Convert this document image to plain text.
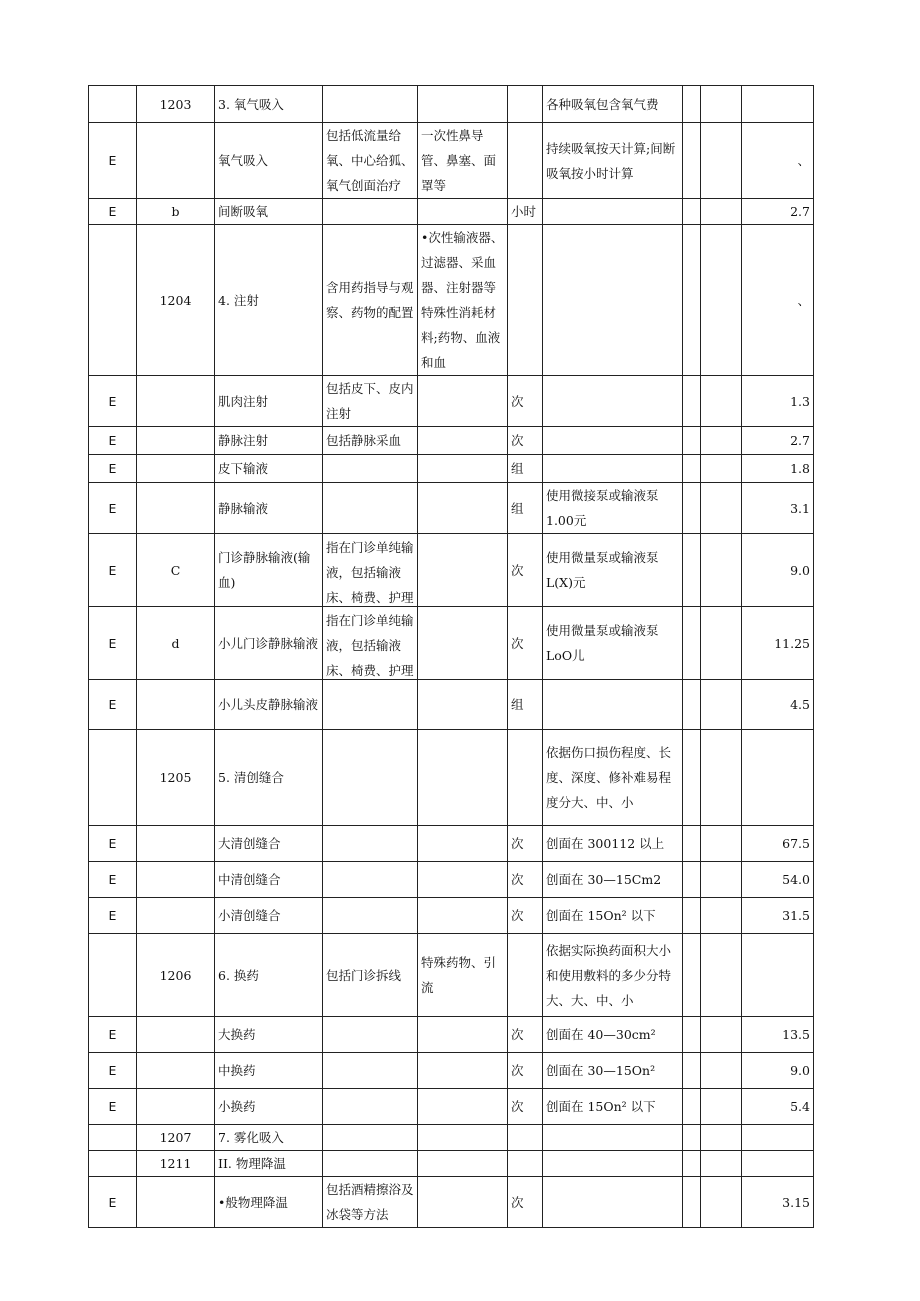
	1203	3. 氧气吸入				各种吸氧包含氧气费			
E		氧气吸入	包括低流量给氧、中心给狐、氧气创面治疗	一次性鼻导管、鼻塞、面罩等		持续吸氧按天计算;间断吸氧按小时计算			、
E	b	间断吸氧			小时				2.7
	1204	4. 注射	含用药指导与观察、药物的配置	•次性输液器、过滤器、采血器、注射器等特殊性消耗材料;药物、血液和血					、
E		肌肉注射	包括皮下、皮内注射		次				1.3
E		静脉注射	包括静脉采血		次				2.7
E		皮下输液			组				1.8
E		静脉输液			组	使用微接泵或输液泵 1.00元			3.1
E	C	门诊静脉输液(输血)	指在门诊单纯输液，包括输液床、椅费、护理		次	使用微量泵或输液泵 L(X)元			9.0
E	d	小儿门诊静脉输液	指在门诊单纯输液，包括输液床、椅费、护理		次	使用微量泵或输液泵 LoO儿			11.25
E		小儿头皮静脉输液			组				4.5
	1205	5. 清创缝合				依据伤口损伤程度、长度、深度、修补难易程度分大、中、小			
E		大清创缝合			次	创面在 300112 以上			67.5
E		中清创缝合			次	创面在 30—15Cm2			54.0
E		小清创缝合			次	创面在 15On² 以下			31.5
	1206	6. 换药	包括门诊拆线	特殊药物、引流		依据实际换药面积大小和使用敷料的多少分特大、大、中、小			
E		大换药			次	创面在 40—30cm²			13.5
E		中换药			次	创面在 30—15On²			9.0
E		小换药			次	创面在 15On² 以下			5.4
	1207	7. 雾化吸入							
	1211	II. 物理降温							
E		•般物理降温	包括酒精擦浴及冰袋等方法		次				3.15
